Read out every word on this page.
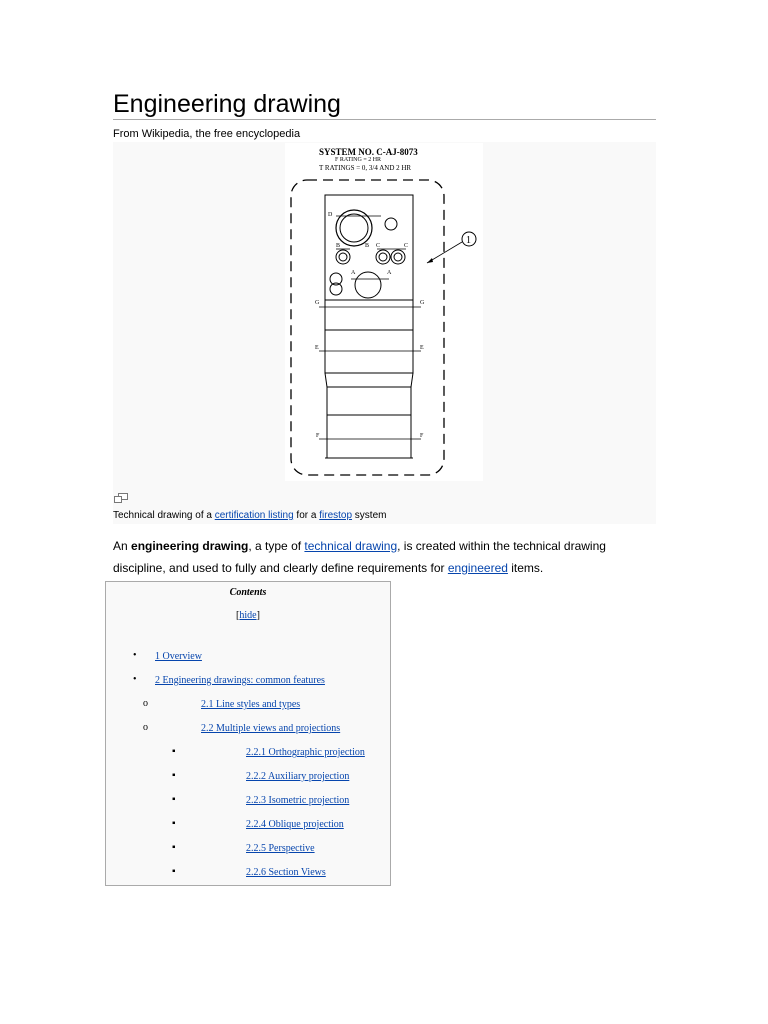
Engineering drawing
From Wikipedia, the free encyclopedia
SYSTEM NO. C-AJ-8073
F RATING = 2 HR
T RATINGS = 0, 3/4 AND 2 HR
D
B	B C	C
A	A
G	G
E	E
F	F
1
Technical drawing of a certification listing for a firestop system
An engineering drawing, a type of technical drawing, is created within the technical drawing discipline, and used to fully and clearly define requirements for engineered items.
Contents
[hide]
• 1 Overview
• 2 Engineering drawings: common features
o	2.1 Line styles and types
o	2.2 Multiple views and projections
▪	2.2.1 Orthographic projection
▪	2.2.2 Auxiliary projection
▪	2.2.3 Isometric projection
▪	2.2.4 Oblique projection
▪	2.2.5 Perspective
▪	2.2.6 Section Views
